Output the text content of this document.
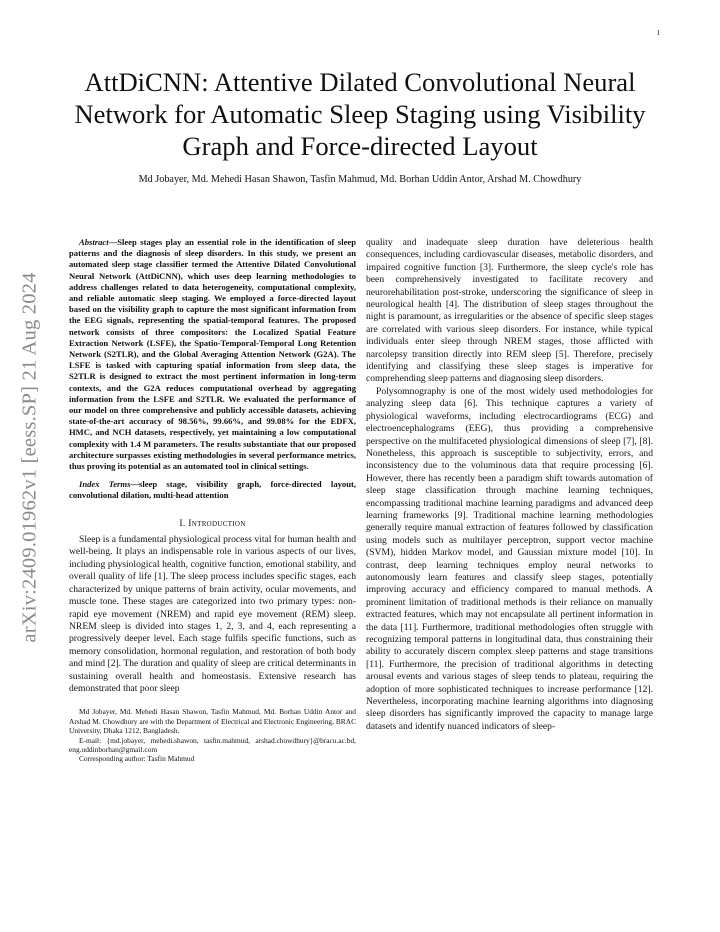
1
arXiv:2409.01962v1 [eess.SP] 21 Aug 2024
AttDiCNN: Attentive Dilated Convolutional Neural Network for Automatic Sleep Staging using Visibility Graph and Force-directed Layout

Md Jobayer, Md. Mehedi Hasan Shawon, Tasfin Mahmud, Md. Borhan Uddin Antor, Arshad M. Chowdhury

Abstract—Sleep stages play an essential role in the identification of sleep patterns and the diagnosis of sleep disorders. In this study, we present an automated sleep stage classifier termed the Attentive Dilated Convolutional Neural Network (AttDiCNN), which uses deep learning methodologies to address challenges related to data heterogeneity, computational complexity, and reliable automatic sleep staging. We employed a force-directed layout based on the visibility graph to capture the most significant information from the EEG signals, representing the spatial-temporal features. The proposed network consists of three compositors: the Localized Spatial Feature Extraction Network (LSFE), the Spatio-Temporal-Temporal Long Retention Network (S2TLR), and the Global Averaging Attention Network (G2A). The LSFE is tasked with capturing spatial information from sleep data, the S2TLR is designed to extract the most pertinent information in long-term contexts, and the G2A reduces computational overhead by aggregating information from the LSFE and S2TLR. We evaluated the performance of our model on three comprehensive and publicly accessible datasets, achieving state-of-the-art accuracy of 98.56%, 99.66%, and 99.08% for the EDFX, HMC, and NCH datasets, respectively, yet maintaining a low computational complexity with 1.4 M parameters. The results substantiate that our proposed architecture surpasses existing methodologies in several performance metrics, thus proving its potential as an automated tool in clinical settings.

Index Terms—sleep stage, visibility graph, force-directed layout, convolutional dilation, multi-head attention

I. Introduction

Sleep is a fundamental physiological process vital for human health and well-being. It plays an indispensable role in various aspects of our lives, including physiological health, cognitive function, emotional stability, and overall quality of life [1]. The sleep process includes specific stages, each characterized by unique patterns of brain activity, ocular movements, and muscle tone. These stages are categorized into two primary types: non-rapid eye movement (NREM) and rapid eye movement (REM) sleep. NREM sleep is divided into stages 1, 2, 3, and 4, each representing a progressively deeper level. Each stage fulfils specific functions, such as memory consolidation, hormonal regulation, and restoration of both body and mind [2]. The duration and quality of sleep are critical determinants in sustaining overall health and homeostasis. Extensive research has demonstrated that poor sleep

Md Jobayer, Md. Mehedi Hasan Shawon, Tasfin Mahmud, Md. Borhan Uddin Antor and Arshad M. Chowdhury are with the Department of Electrical and Electronic Engineering, BRAC University, Dhaka 1212, Bangladesh.

E-mail: {md.jobayer, mehedi.shawon, tasfin.mahmud, arshad.chowdhury}@bracu.ac.bd, eng.uddinborhan@gmail.com

Corresponding author: Tasfin Mahmud

quality and inadequate sleep duration have deleterious health consequences, including cardiovascular diseases, metabolic disorders, and impaired cognitive function [3]. Furthermore, the sleep cycle's role has been comprehensively investigated to facilitate recovery and neurorehabilitation post-stroke, underscoring the significance of sleep in neurological health [4]. The distribution of sleep stages throughout the night is paramount, as irregularities or the absence of specific sleep stages are correlated with various sleep disorders. For instance, while typical individuals enter sleep through NREM stages, those afflicted with narcolepsy transition directly into REM sleep [5]. Therefore, precisely identifying and classifying these sleep stages is imperative for comprehending sleep patterns and diagnosing sleep disorders.

Polysomnography is one of the most widely used methodologies for analyzing sleep data [6]. This technique captures a variety of physiological waveforms, including electrocardiograms (ECG) and electroencephalograms (EEG), thus providing a comprehensive perspective on the multifaceted physiological dimensions of sleep [7], [8]. Nonetheless, this approach is susceptible to subjectivity, errors, and inconsistency due to the voluminous data that require processing [6]. However, there has recently been a paradigm shift towards automation of sleep stage classification through machine learning techniques, encompassing traditional machine learning paradigms and advanced deep learning frameworks [9]. Traditional machine learning methodologies generally require manual extraction of features followed by classification using models such as multilayer perceptron, support vector machine (SVM), hidden Markov model, and Gaussian mixture model [10]. In contrast, deep learning techniques employ neural networks to autonomously learn features and classify sleep stages, potentially improving accuracy and efficiency compared to manual methods. A prominent limitation of traditional methods is their reliance on manually extracted features, which may not encapsulate all pertinent information in the data [11]. Furthermore, traditional methodologies often struggle with recognizing temporal patterns in longitudinal data, thus constraining their ability to accurately discern complex sleep patterns and stage transitions [11]. Furthermore, the precision of traditional algorithms in detecting arousal events and various stages of sleep tends to plateau, requiring the adoption of more sophisticated techniques to increase performance [12]. Nevertheless, incorporating machine learning algorithms into diagnosing sleep disorders has significantly improved the capacity to manage large datasets and identify nuanced indicators of sleep-
